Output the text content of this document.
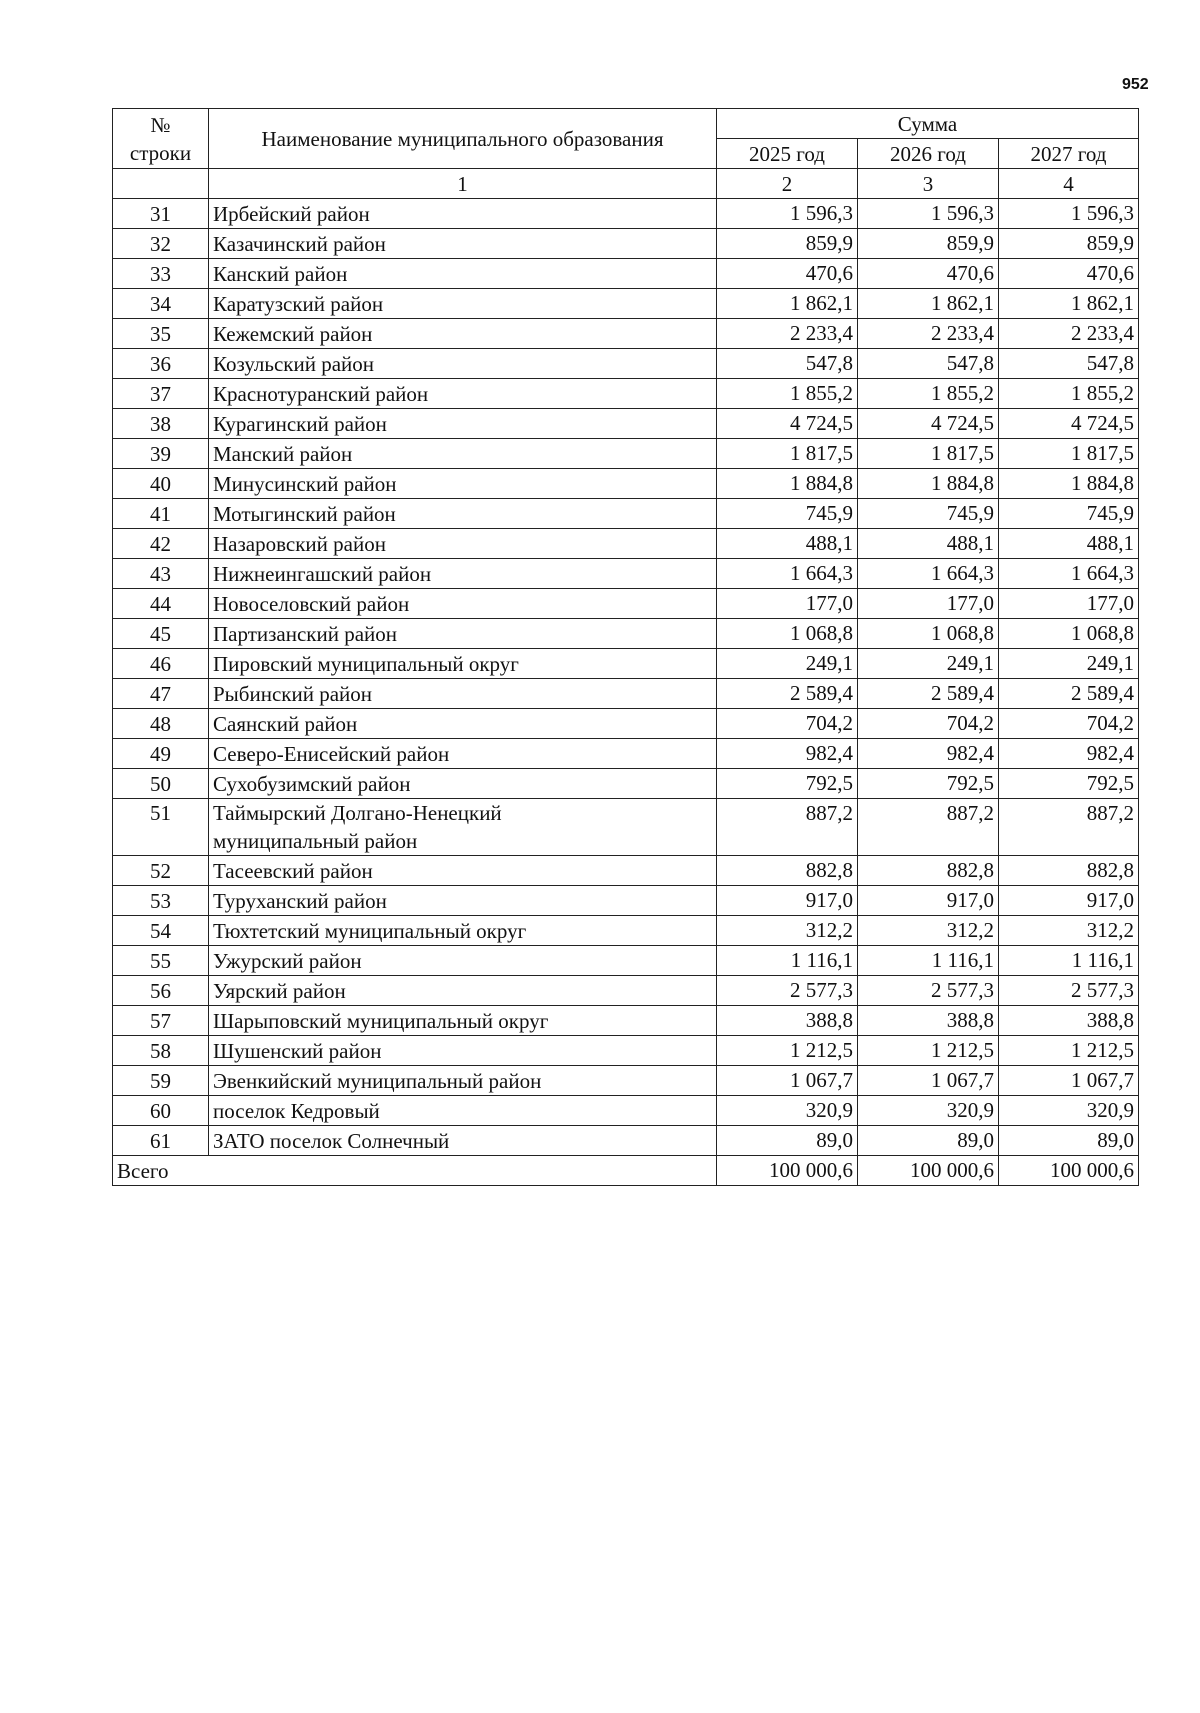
952
№
строки	Наименование муниципального образования	Сумма		
		2025 год	2026 год	2027 год
	1	2	3	4
31	Ирбейский район	1 596,3	1 596,3	1 596,3
32	Казачинский район	859,9	859,9	859,9
33	Канский район	470,6	470,6	470,6
34	Каратузский район	1 862,1	1 862,1	1 862,1
35	Кежемский район	2 233,4	2 233,4	2 233,4
36	Козульский район	547,8	547,8	547,8
37	Краснотуранский район	1 855,2	1 855,2	1 855,2
38	Курагинский район	4 724,5	4 724,5	4 724,5
39	Манский район	1 817,5	1 817,5	1 817,5
40	Минусинский район	1 884,8	1 884,8	1 884,8
41	Мотыгинский район	745,9	745,9	745,9
42	Назаровский район	488,1	488,1	488,1
43	Нижнеингашский район	1 664,3	1 664,3	1 664,3
44	Новоселовский район	177,0	177,0	177,0
45	Партизанский район	1 068,8	1 068,8	1 068,8
46	Пировский муниципальный округ	249,1	249,1	249,1
47	Рыбинский район	2 589,4	2 589,4	2 589,4
48	Саянский район	704,2	704,2	704,2
49	Северо-Енисейский район	982,4	982,4	982,4
50	Сухобузимский район	792,5	792,5	792,5
51	Таймырский Долгано-Ненецкий
муниципальный район	887,2	887,2	887,2
52	Тасеевский район	882,8	882,8	882,8
53	Туруханский район	917,0	917,0	917,0
54	Тюхтетский муниципальный округ	312,2	312,2	312,2
55	Ужурский район	1 116,1	1 116,1	1 116,1
56	Уярский район	2 577,3	2 577,3	2 577,3
57	Шарыповский муниципальный округ	388,8	388,8	388,8
58	Шушенский район	1 212,5	1 212,5	1 212,5
59	Эвенкийский муниципальный район	1 067,7	1 067,7	1 067,7
60	поселок Кедровый	320,9	320,9	320,9
61	ЗАТО поселок Солнечный	89,0	89,0	89,0
Всего		100 000,6	100 000,6	100 000,6
